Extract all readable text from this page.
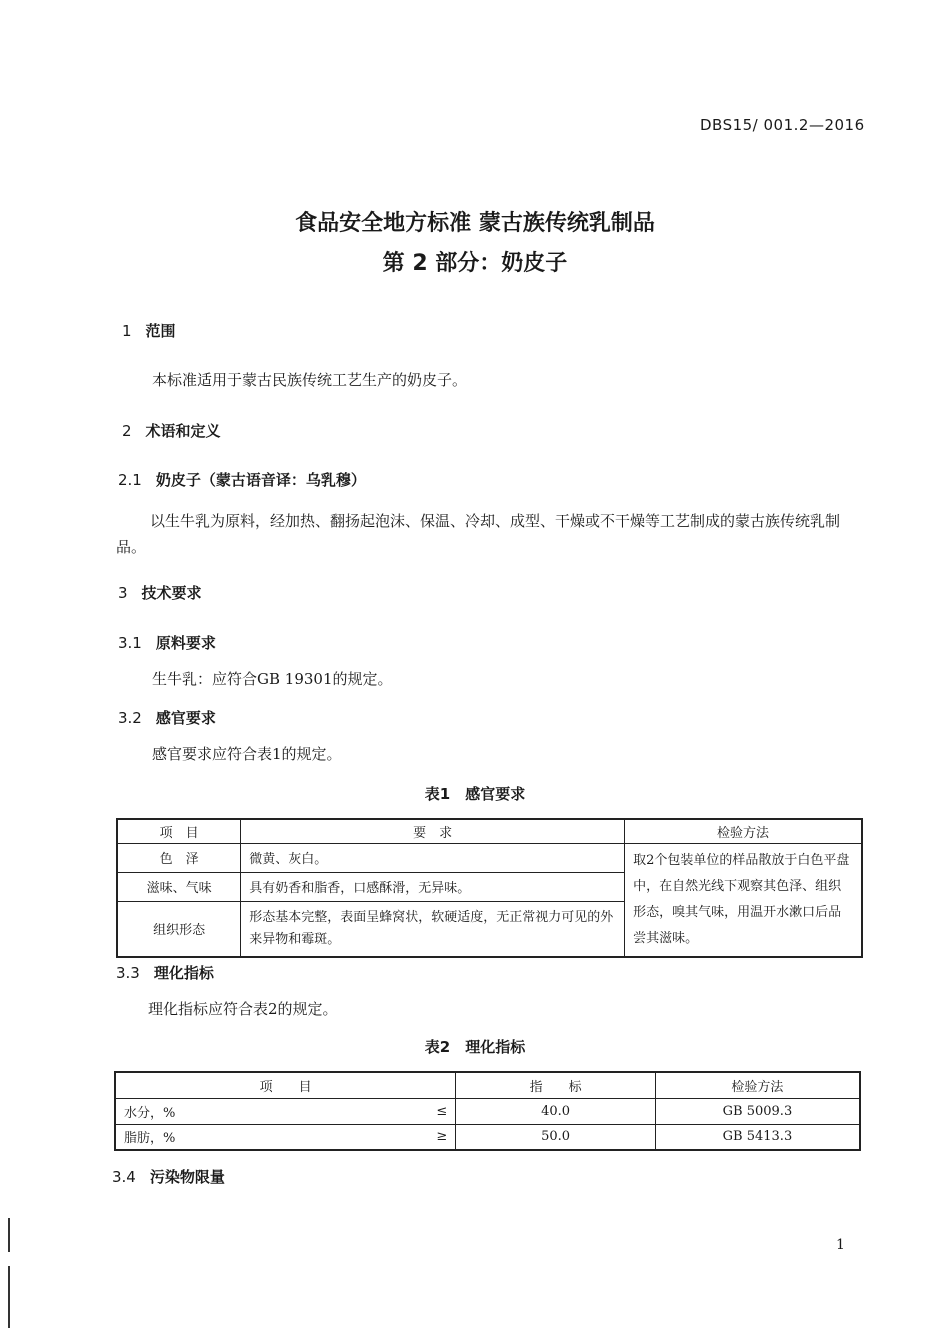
DBS15/ 001.2—2016
食品安全地方标准 蒙古族传统乳制品
第 2 部分：奶皮子
1 范围
本标准适用于蒙古民族传统工艺生产的奶皮子。
2 术语和定义
2.1 奶皮子（蒙古语音译：乌乳穆）
以生牛乳为原料，经加热、翻扬起泡沫、保温、冷却、成型、干燥或不干燥等工艺制成的蒙古族传统乳制品。
3 技术要求
3.1 原料要求
生牛乳：应符合GB 19301的规定。
3.2 感官要求
感官要求应符合表1的规定。
表1　感官要求
项　目	要　求	检验方法
色　泽	微黄、灰白。	取2个包装单位的样品散放于白色平盘中，在自然光线下观察其色泽、组织形态，嗅其气味，用温开水漱口后品尝其滋味。
滋味、气味	具有奶香和脂香，口感酥滑，无异味。	
组织形态	形态基本完整，表面呈蜂窝状，软硬适度，无正常视力可见的外来异物和霉斑。	
3.3 理化指标
理化指标应符合表2的规定。
表2　理化指标
项　　目		指　　标	检验方法
水分，%	≤	40.0	GB 5009.3
脂肪，%	≥	50.0	GB 5413.3
3.4 污染物限量
1
